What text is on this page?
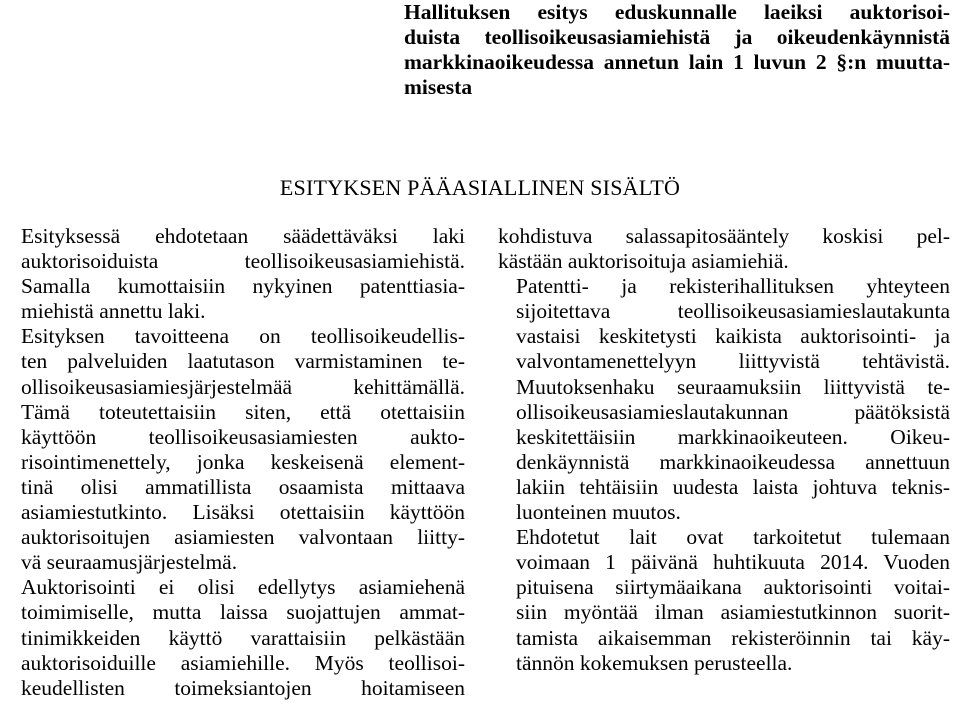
Hallituksen esitys eduskunnalle laeiksi auktorisoi-
duista teollisoikeusasiamiehistä ja oikeudenkäynnistä
markkinaoikeudessa annetun lain 1 luvun 2 §:n muutta-
misesta
ESITYKSEN PÄÄASIALLINEN SISÄLTÖ

Esityksessä ehdotetaan säädettäväksi laki
auktorisoiduista teollisoikeusasiamiehistä.
Samalla kumottaisiin nykyinen patenttiasia-
miehistä annettu laki.

Esityksen tavoitteena on teollisoikeudellis-
ten palveluiden laatutason varmistaminen te-
ollisoikeusasiamiesjärjestelmää kehittämällä.
Tämä toteutettaisiin siten, että otettaisiin
käyttöön teollisoikeusasiamiesten aukto-
risointimenettely, jonka keskeisenä element-
tinä olisi ammatillista osaamista mittaava
asiamiestutkinto. Lisäksi otettaisiin käyttöön
auktorisoitujen asiamiesten valvontaan liitty-
vä seuraamusjärjestelmä.

Auktorisointi ei olisi edellytys asiamiehenä
toimimiselle, mutta laissa suojattujen ammat-
tinimikkeiden käyttö varattaisiin pelkästään
auktorisoiduille asiamiehille. Myös teollisoi-
keudellisten toimeksiantojen hoitamiseen

kohdistuva salassapitosääntely koskisi pel-
kästään auktorisoituja asiamiehiä.

Patentti- ja rekisterihallituksen yhteyteen
sijoitettava teollisoikeusasiamieslautakunta
vastaisi keskitetysti kaikista auktorisointi- ja
valvontamenettelyyn liittyvistä tehtävistä.
Muutoksenhaku seuraamuksiin liittyvistä te-
ollisoikeusasiamieslautakunnan päätöksistä
keskitettäisiin markkinaoikeuteen. Oikeu-
denkäynnistä markkinaoikeudessa annettuun
lakiin tehtäisiin uudesta laista johtuva teknis-
luonteinen muutos.

Ehdotetut lait ovat tarkoitetut tulemaan
voimaan 1 päivänä huhtikuuta 2014. Vuoden
pituisena siirtymäaikana auktorisointi voitai-
siin myöntää ilman asiamiestutkinnon suorit-
tamista aikaisemman rekisteröinnin tai käy-
tännön kokemuksen perusteella.
